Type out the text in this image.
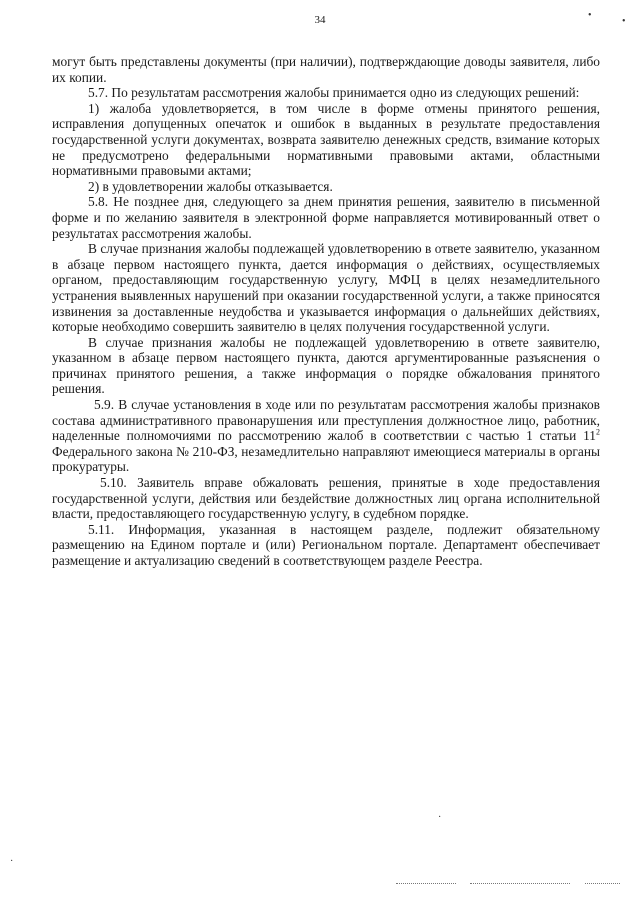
34	•
•
·
·

могут быть представлены документы (при наличии), подтверждающие доводы заявителя, либо их копии.

5.7. По результатам рассмотрения жалобы принимается одно из следующих решений:

1) жалоба удовлетворяется, в том числе в форме отмены принятого решения, исправления допущенных опечаток и ошибок в выданных в результате предоставления государственной услуги документах, возврата заявителю денежных средств, взимание которых не предусмотрено федеральными нормативными правовыми актами, областными нормативными правовыми актами;

2) в удовлетворении жалобы отказывается.

5.8. Не позднее дня, следующего за днем принятия решения, заявителю в письменной форме и по желанию заявителя в электронной форме направляется мотивированный ответ о результатах рассмотрения жалобы.

В случае признания жалобы подлежащей удовлетворению в ответе заявителю, указанном в абзаце первом настоящего пункта, дается информация о действиях, осуществляемых органом, предоставляющим государственную услугу, МФЦ в целях незамедлительного устранения выявленных нарушений при оказании государственной услуги, а также приносятся извинения за доставленные неудобства и указывается информация о дальнейших действиях, которые необходимо совершить заявителю в целях получения государственной услуги.

В случае признания жалобы не подлежащей удовлетворению в ответе заявителю, указанном в абзаце первом настоящего пункта, даются аргументированные разъяснения о причинах принятого решения, а также информация о порядке обжалования принятого решения.

5.9. В случае установления в ходе или по результатам рассмотрения жалобы признаков состава административного правонарушения или преступления должностное лицо, работник, наделенные полномочиями по рассмотрению жалоб в соответствии с частью 1 статьи $11^2$ Федерального закона № 210-ФЗ, незамедлительно направляют имеющиеся материалы в органы прокуратуры.

5.10. Заявитель вправе обжаловать решения, принятые в ходе предоставления государственной услуги, действия или бездействие должностных лиц органа исполнительной власти, предоставляющего государственную услугу, в судебном порядке.

5.11. Информация, указанная в настоящем разделе, подлежит обязательному размещению на Едином портале и (или) Региональном портале. Департамент обеспечивает размещение и актуализацию сведений в соответствующем разделе Реестра.
